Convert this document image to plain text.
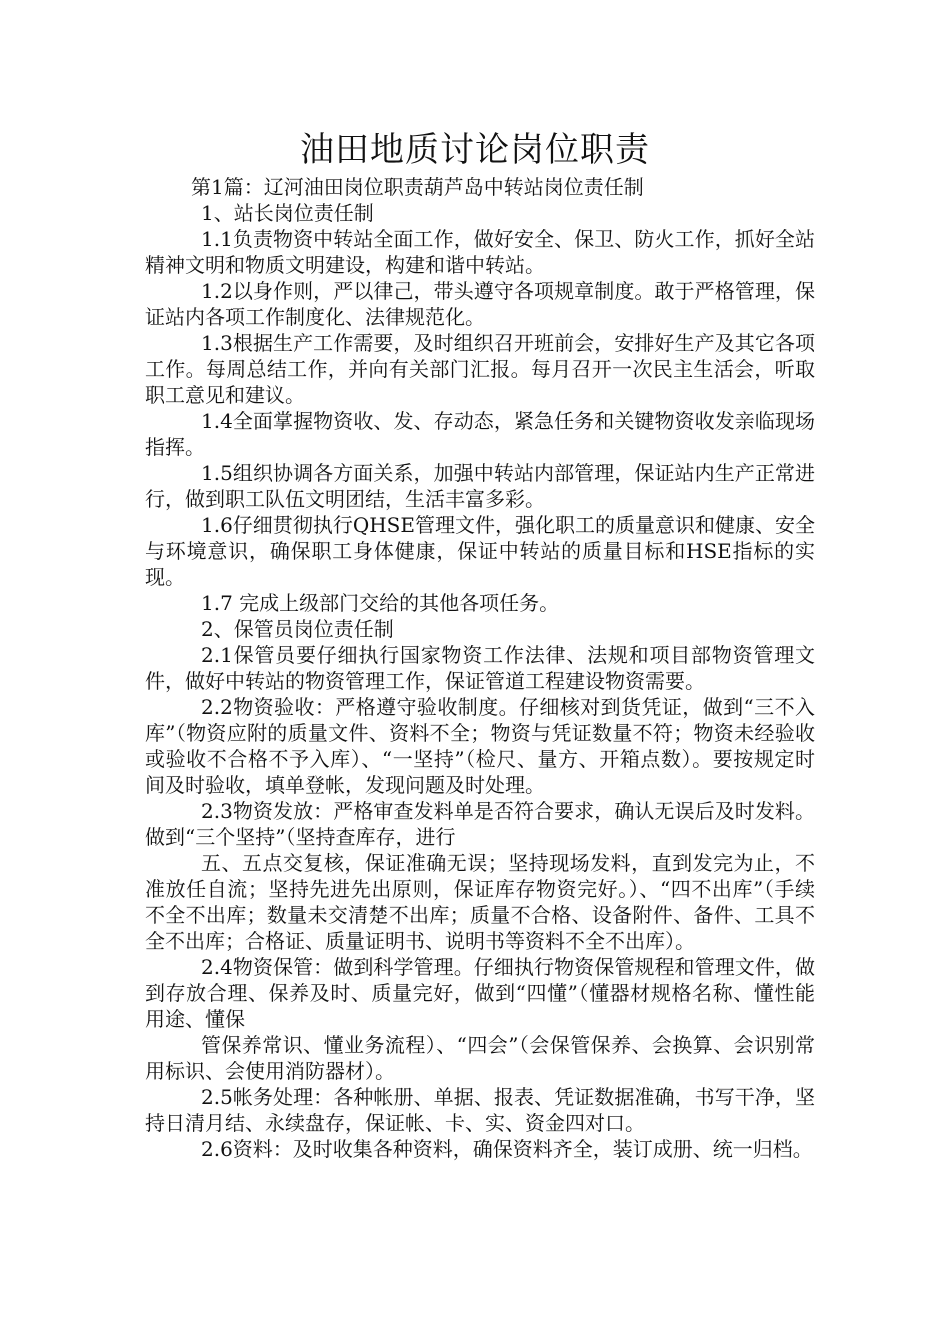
油田地质讨论岗位职责

第1篇：辽河油田岗位职责葫芦岛中转站岗位责任制

1、站长岗位责任制

1.1负责物资中转站全面工作，做好安全、保卫、防火工作，抓好全站精神文明和物质文明建设，构建和谐中转站。

1.2以身作则，严以律己，带头遵守各项规章制度。敢于严格管理，保证站内各项工作制度化、法律规范化。

1.3根据生产工作需要，及时组织召开班前会，安排好生产及其它各项工作。每周总结工作，并向有关部门汇报。每月召开一次民主生活会，听取职工意见和建议。

1.4全面掌握物资收、发、存动态，紧急任务和关键物资收发亲临现场指挥。

1.5组织协调各方面关系，加强中转站内部管理，保证站内生产正常进行，做到职工队伍文明团结，生活丰富多彩。

1.6仔细贯彻执行QHSE管理文件，强化职工的质量意识和健康、安全与环境意识，确保职工身体健康，保证中转站的质量目标和HSE指标的实现。

1.7 完成上级部门交给的其他各项任务。

2、保管员岗位责任制

2.1保管员要仔细执行国家物资工作法律、法规和项目部物资管理文件，做好中转站的物资管理工作，保证管道工程建设物资需要。

2.2物资验收：严格遵守验收制度。仔细核对到货凭证，做到“三不入库”（物资应附的质量文件、资料不全；物资与凭证数量不符；物资未经验收或验收不合格不予入库）、“一坚持”（检尺、量方、开箱点数）。要按规定时间及时验收，填单登帐，发现问题及时处理。

2.3物资发放：严格审查发料单是否符合要求，确认无误后及时发料。做到“三个坚持”（坚持查库存，进行

五、五点交复核，保证准确无误；坚持现场发料，直到发完为止，不准放任自流；坚持先进先出原则，保证库存物资完好。）、“四不出库”（手续不全不出库；数量未交清楚不出库；质量不合格、设备附件、备件、工具不全不出库；合格证、质量证明书、说明书等资料不全不出库）。

2.4物资保管：做到科学管理。仔细执行物资保管规程和管理文件，做到存放合理、保养及时、质量完好，做到“四懂”（懂器材规格名称、懂性能用途、懂保

管保养常识、懂业务流程）、“四会”（会保管保养、会换算、会识别常用标识、会使用消防器材）。

2.5帐务处理：各种帐册、单据、报表、凭证数据准确，书写干净，坚持日清月结、永续盘存，保证帐、卡、实、资金四对口。

2.6资料：及时收集各种资料，确保资料齐全，装订成册、统一归档。
